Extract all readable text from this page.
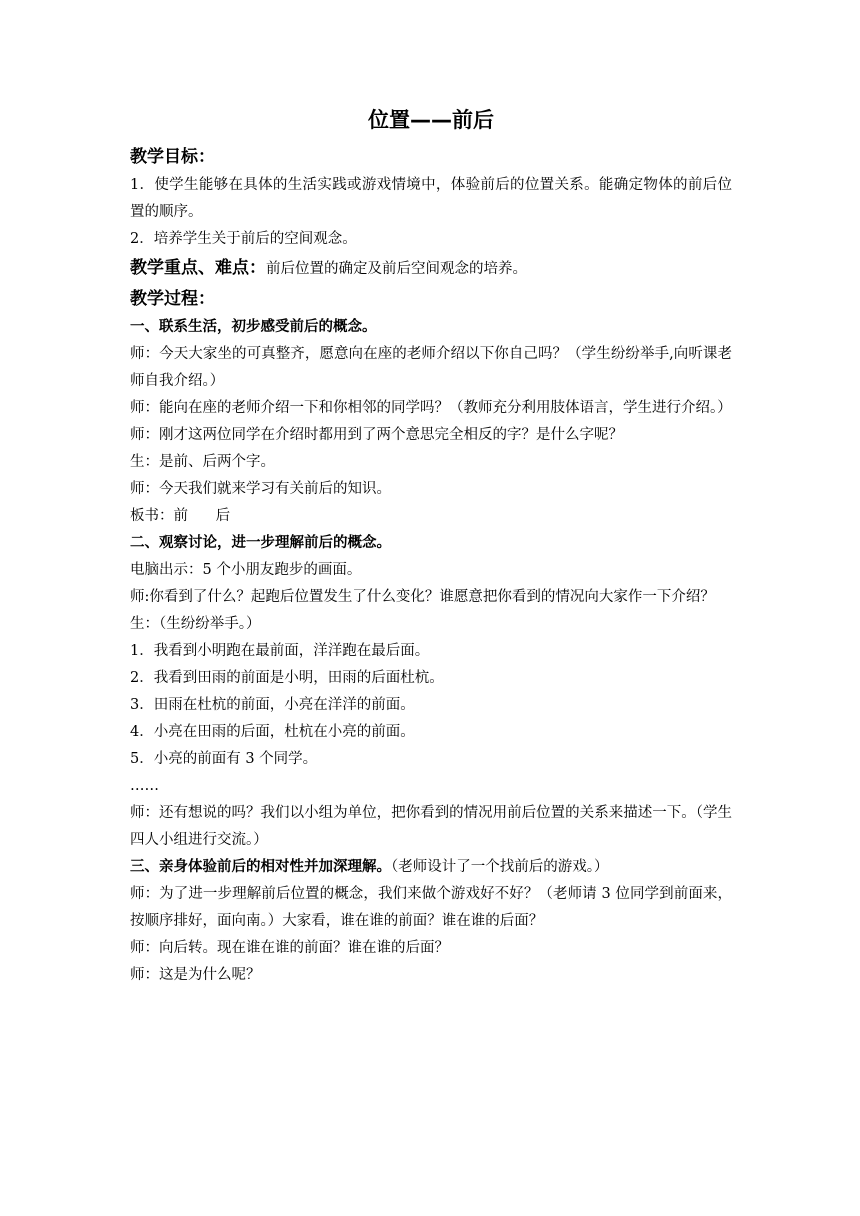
位置——前后
教学目标：

1．使学生能够在具体的生活实践或游戏情境中，体验前后的位置关系。能确定物体的前后位置的顺序。

2．培养学生关于前后的空间观念。

教学重点、难点：前后位置的确定及前后空间观念的培养。
教学过程：
一、联系生活，初步感受前后的概念。

师：今天大家坐的可真整齐，愿意向在座的老师介绍以下你自己吗？（学生纷纷举手,向听课老师自我介绍。）

师：能向在座的老师介绍一下和你相邻的同学吗？（教师充分利用肢体语言，学生进行介绍。）

师：刚才这两位同学在介绍时都用到了两个意思完全相反的字？是什么字呢？

生：是前、后两个字。

师：今天我们就来学习有关前后的知识。

板书：前      后

二、观察讨论，进一步理解前后的概念。

电脑出示：5 个小朋友跑步的画面。

师:你看到了什么？起跑后位置发生了什么变化？谁愿意把你看到的情况向大家作一下介绍？

生：（生纷纷举手。）

1．我看到小明跑在最前面，洋洋跑在最后面。

2．我看到田雨的前面是小明，田雨的后面杜杭。

3．田雨在杜杭的前面，小亮在洋洋的前面。

4．小亮在田雨的后面，杜杭在小亮的前面。

5．小亮的前面有 3 个同学。

……

师：还有想说的吗？我们以小组为单位，把你看到的情况用前后位置的关系来描述一下。（学生四人小组进行交流。）

三、亲身体验前后的相对性并加深理解。（老师设计了一个找前后的游戏。）

师：为了进一步理解前后位置的概念，我们来做个游戏好不好？（老师请 3 位同学到前面来，按顺序排好，面向南。）大家看，谁在谁的前面？谁在谁的后面？

师：向后转。现在谁在谁的前面？谁在谁的后面？

师：这是为什么呢？
